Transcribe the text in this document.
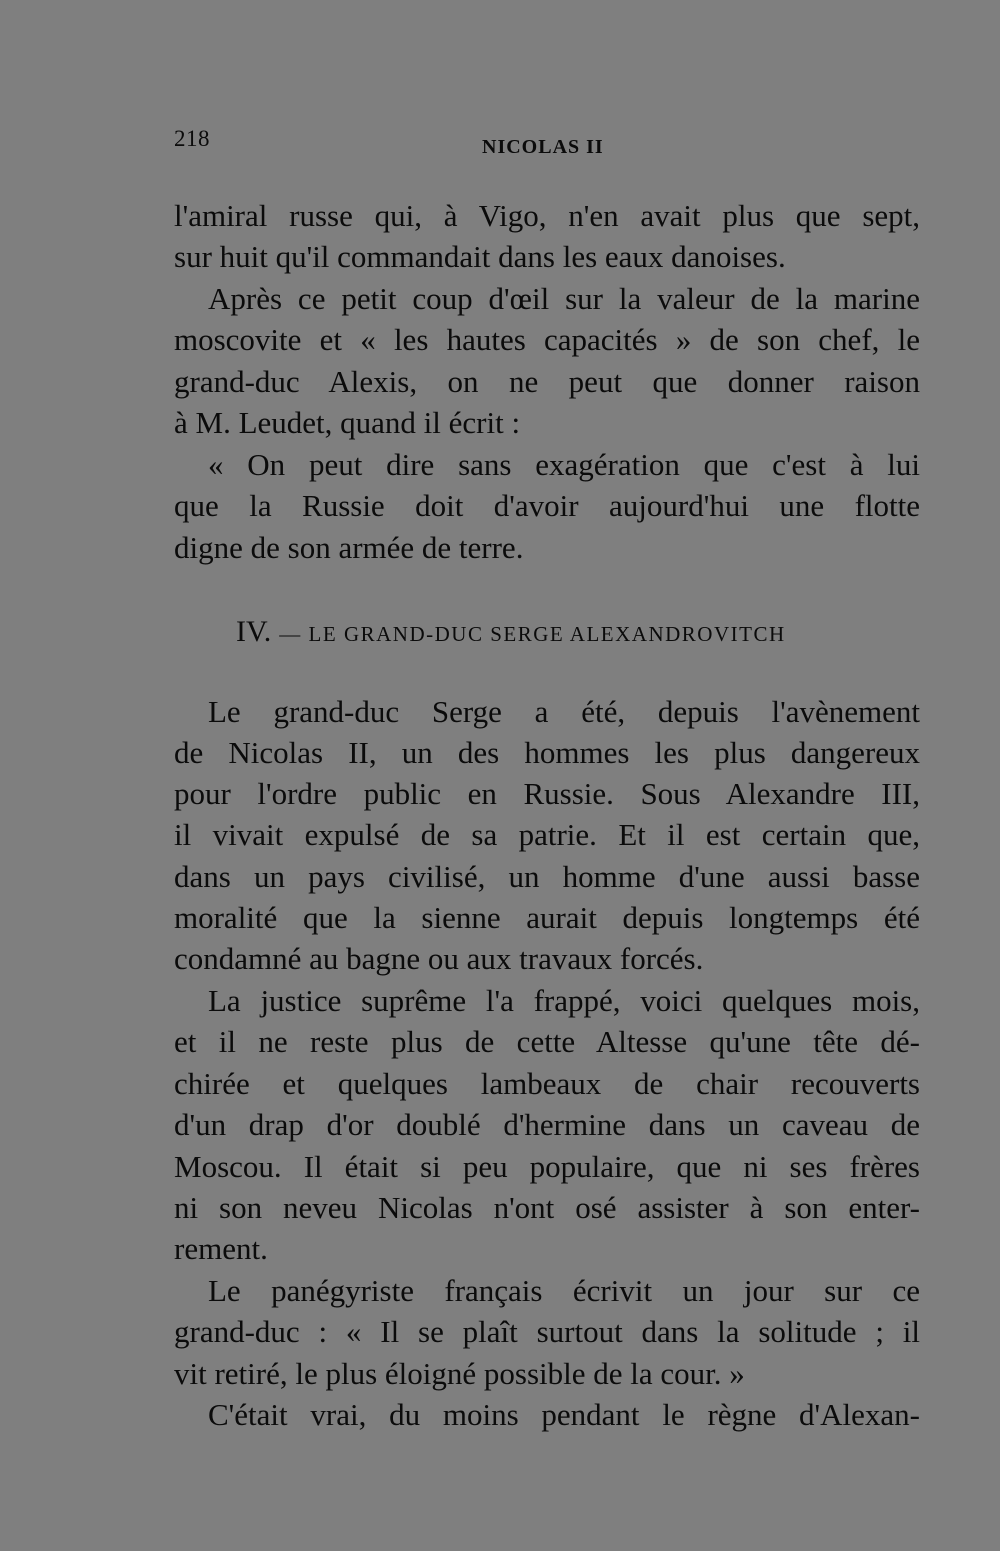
218	NICOLAS II
l'amiral russe qui, à Vigo, n'en avait plus que sept,
sur huit qu'il commandait dans les eaux danoises.
Après ce petit coup d'œil sur la valeur de la marine
moscovite et « les hautes capacités » de son chef, le
grand-duc Alexis, on ne peut que donner raison
à M. Leudet, quand il écrit :
« On peut dire sans exagération que c'est à lui
que la Russie doit d'avoir aujourd'hui une flotte
digne de son armée de terre.
IV. — LE GRAND-DUC SERGE ALEXANDROVITCH
Le grand-duc Serge a été, depuis l'avènement
de Nicolas II, un des hommes les plus dangereux
pour l'ordre public en Russie. Sous Alexandre III,
il vivait expulsé de sa patrie. Et il est certain que,
dans un pays civilisé, un homme d'une aussi basse
moralité que la sienne aurait depuis longtemps été
condamné au bagne ou aux travaux forcés.
La justice suprême l'a frappé, voici quelques mois,
et il ne reste plus de cette Altesse qu'une tête dé-
chirée et quelques lambeaux de chair recouverts
d'un drap d'or doublé d'hermine dans un caveau de
Moscou. Il était si peu populaire, que ni ses frères
ni son neveu Nicolas n'ont osé assister à son enter-
rement.
Le panégyriste français écrivit un jour sur ce
grand-duc : « Il se plaît surtout dans la solitude ; il
vit retiré, le plus éloigné possible de la cour. »
C'était vrai, du moins pendant le règne d'Alexan-
